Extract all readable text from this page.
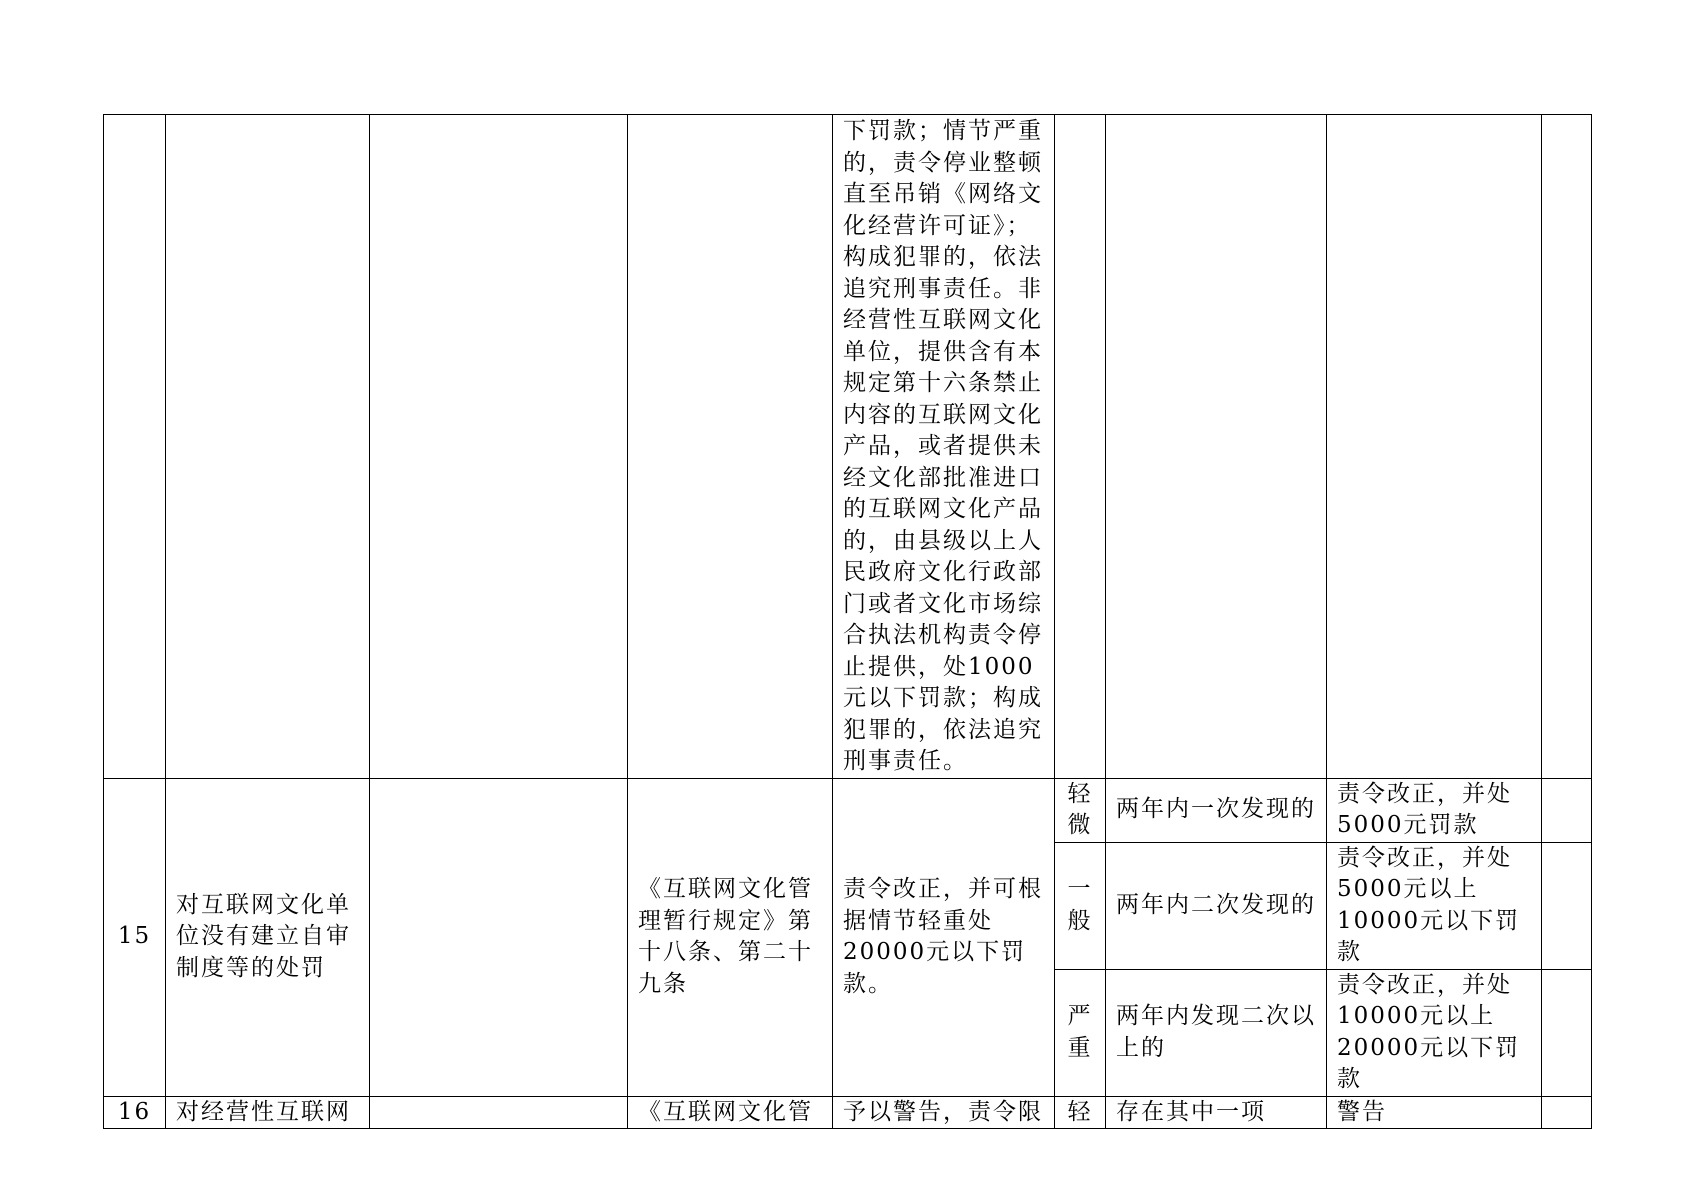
				下罚款；情节严重的，责令停业整顿直至吊销《网络文化经营许可证》；构成犯罪的，依法追究刑事责任。非经营性互联网文化单位，提供含有本规定第十六条禁止内容的互联网文化产品，或者提供未经文化部批准进口的互联网文化产品的，由县级以上人民政府文化行政部门或者文化市场综合执法机构责令停止提供，处1000元以下罚款；构成犯罪的，依法追究刑事责任。				

15	对互联网文化单位没有建立自审制度等的处罚		《互联网文化管理暂行规定》第十八条、第二十九条	责令改正，并可根据情节轻重处20000元以下罚款。	轻微	两年内一次发现的	责令改正，并处5000元罚款	
					一般	两年内二次发现的	责令改正，并处5000元以上10000元以下罚款	
					严重	两年内发现二次以上的	责令改正，并处10000元以上20000元以下罚款	
16	对经营性互联网		《互联网文化管	予以警告，责令限	轻	存在其中一项	警告	
